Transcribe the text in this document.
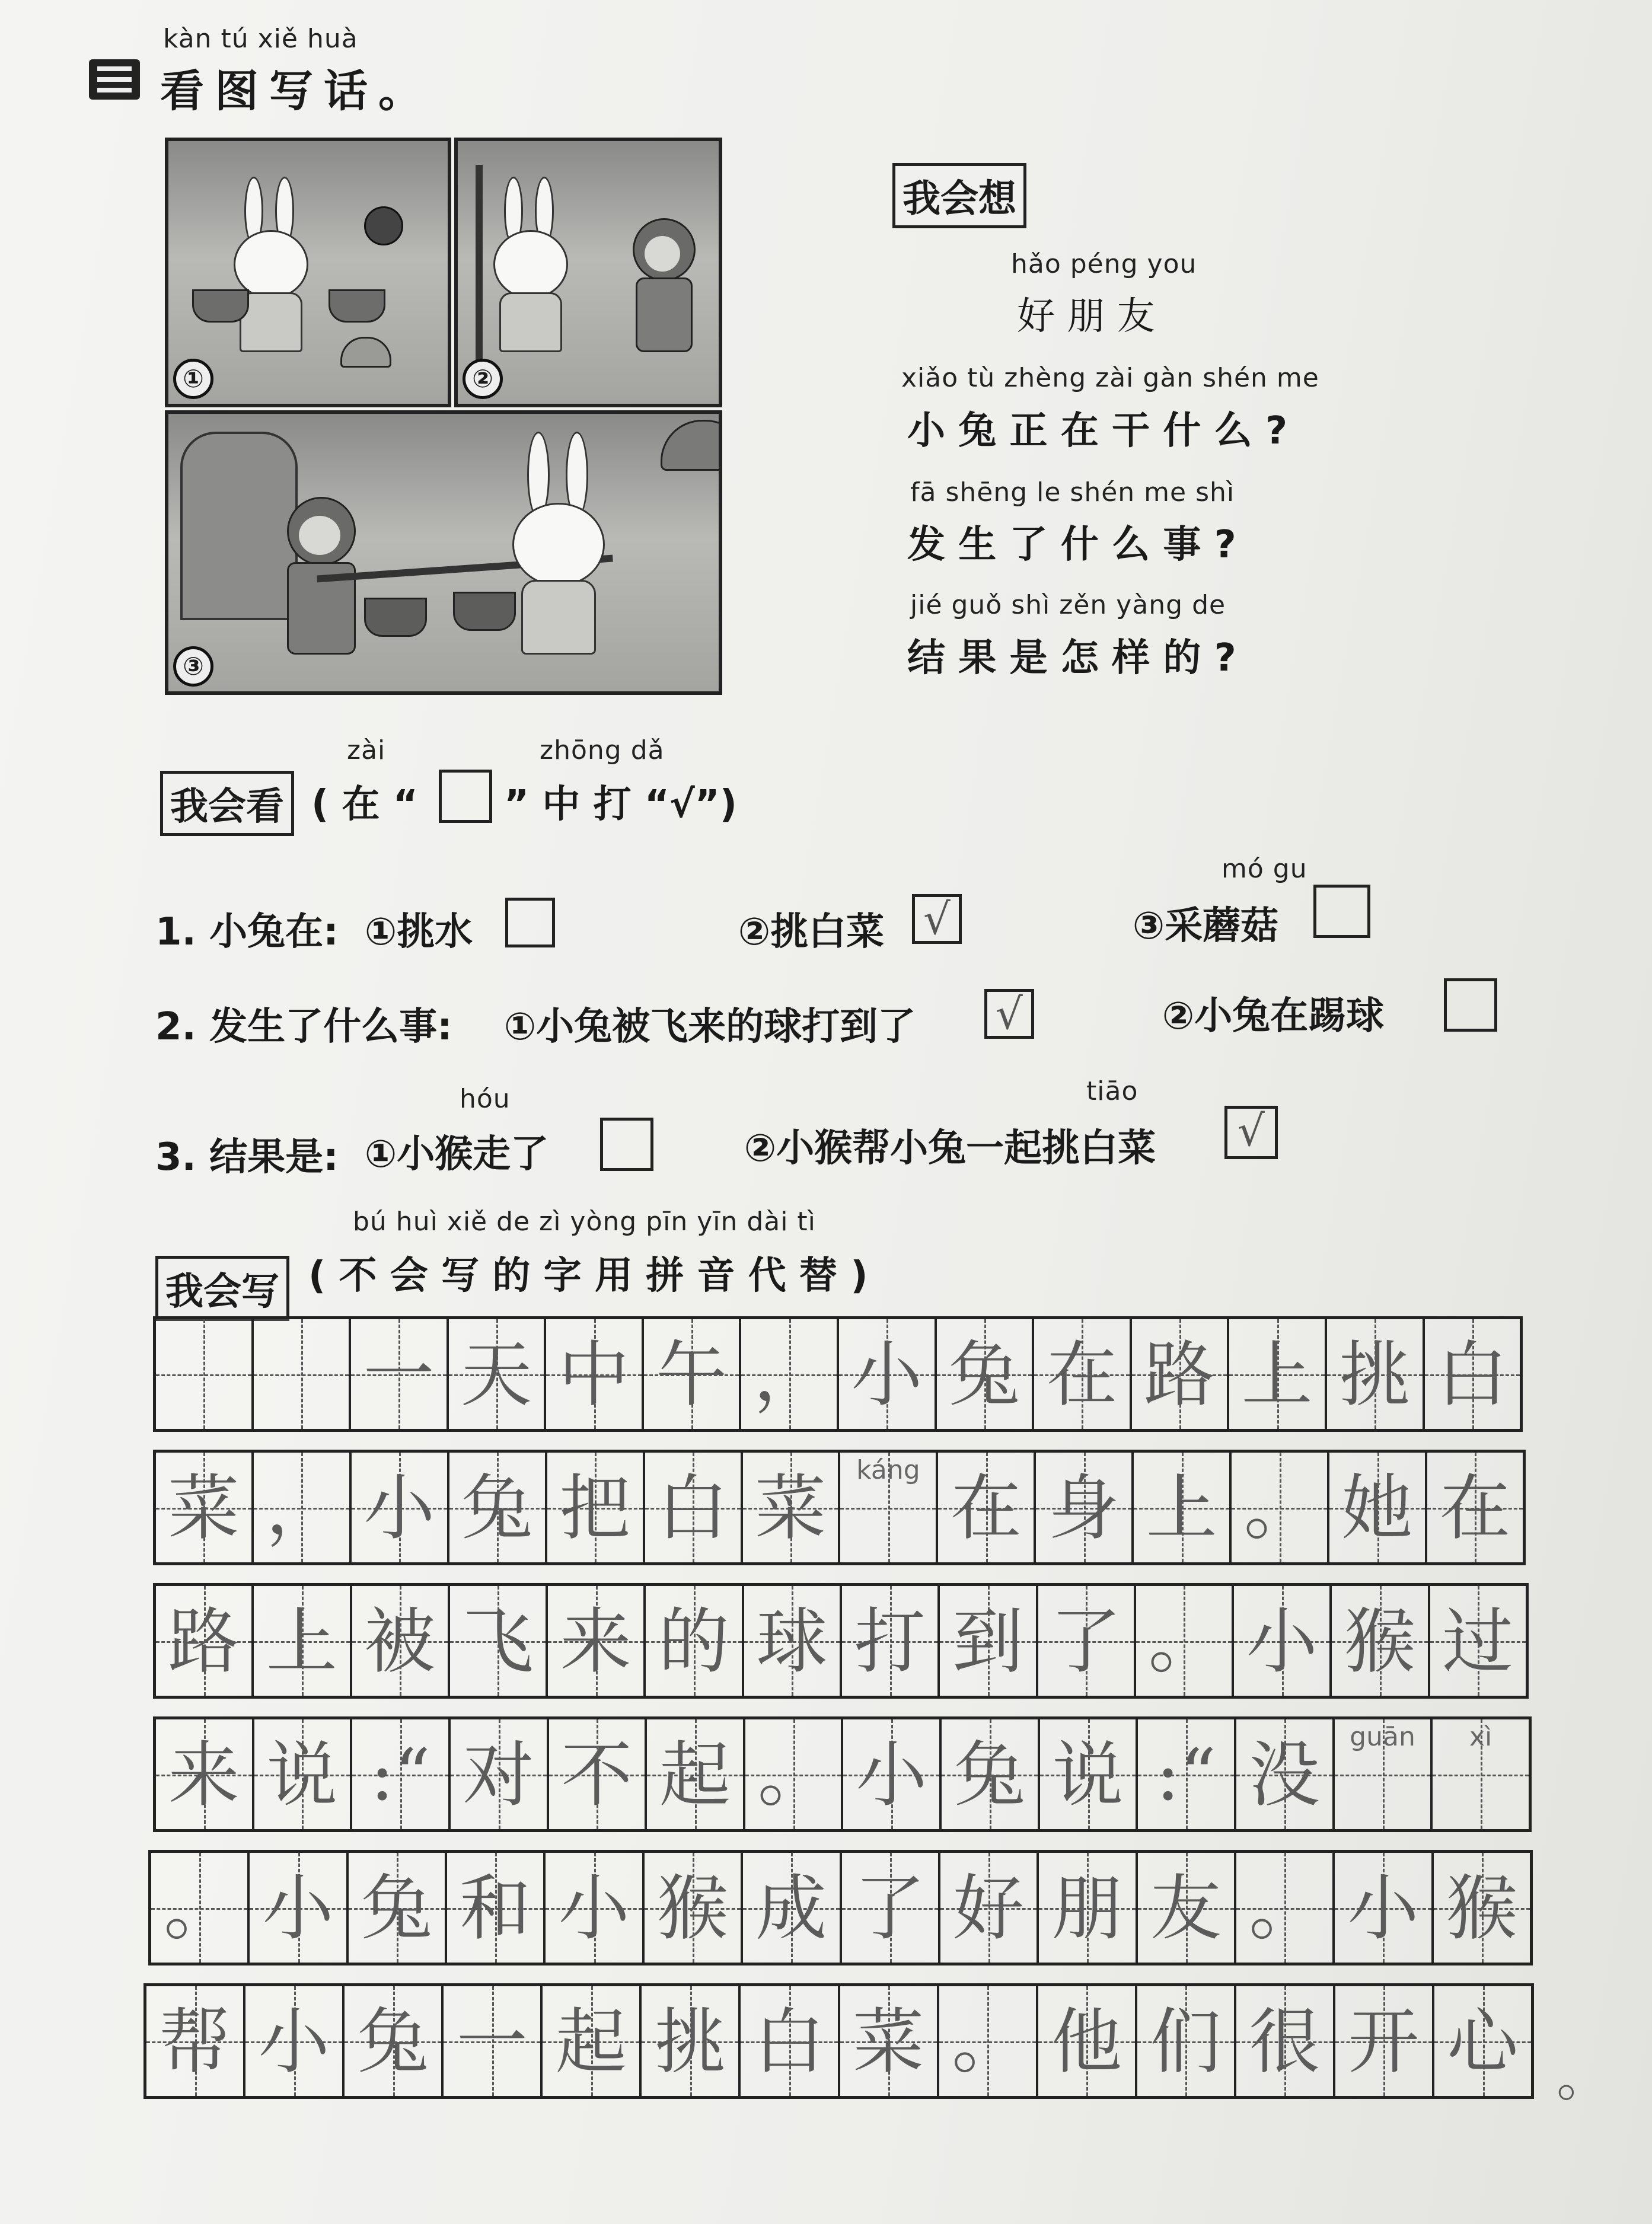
kàn tú xiě huà
看图写话。
①	②
③
我会想
hǎo péng you
好 朋 友
xiǎo tù zhèng zài gàn shén me
小 兔 正 在 干 什 么 ?
fā shēng le shén me shì
发 生 了 什 么 事 ?
jié guǒ shì zěn yàng de
结 果 是 怎 样 的 ?
zài	zhōng dǎ
我会看 ( 在 “ ” 中 打 “√”)
1. 小兔在: ①挑水	②挑白菜 √
mó gu
③采蘑菇
2. 发生了什么事: ①小兔被飞来的球打到了 √	②小兔在踢球
hóu	tiāo
3. 结果是: ①小猴走了	②小猴帮小兔一起挑白菜	√
bú huì xiě de zì yòng pīn yīn dài tì
我会写 ( 不 会 写 的 字 用 拼 音 代 替 )
一 天 中 午 ， 小 兔 在 路 上 挑 白
菜 ， 小 兔 把 白 菜	káng 在 身 上 。 她 在
路 上 被 飞 来 的 球 打 到 了 。 小 猴 过
来 说 :“ 对 不 起 。 小 兔 说 :“ 没	guān	xì
。 小 兔 和 小 猴 成 了 好 朋 友 。 小 猴
帮 小 兔 一 起 挑 白 菜 。 他 们 很 开 心 。
